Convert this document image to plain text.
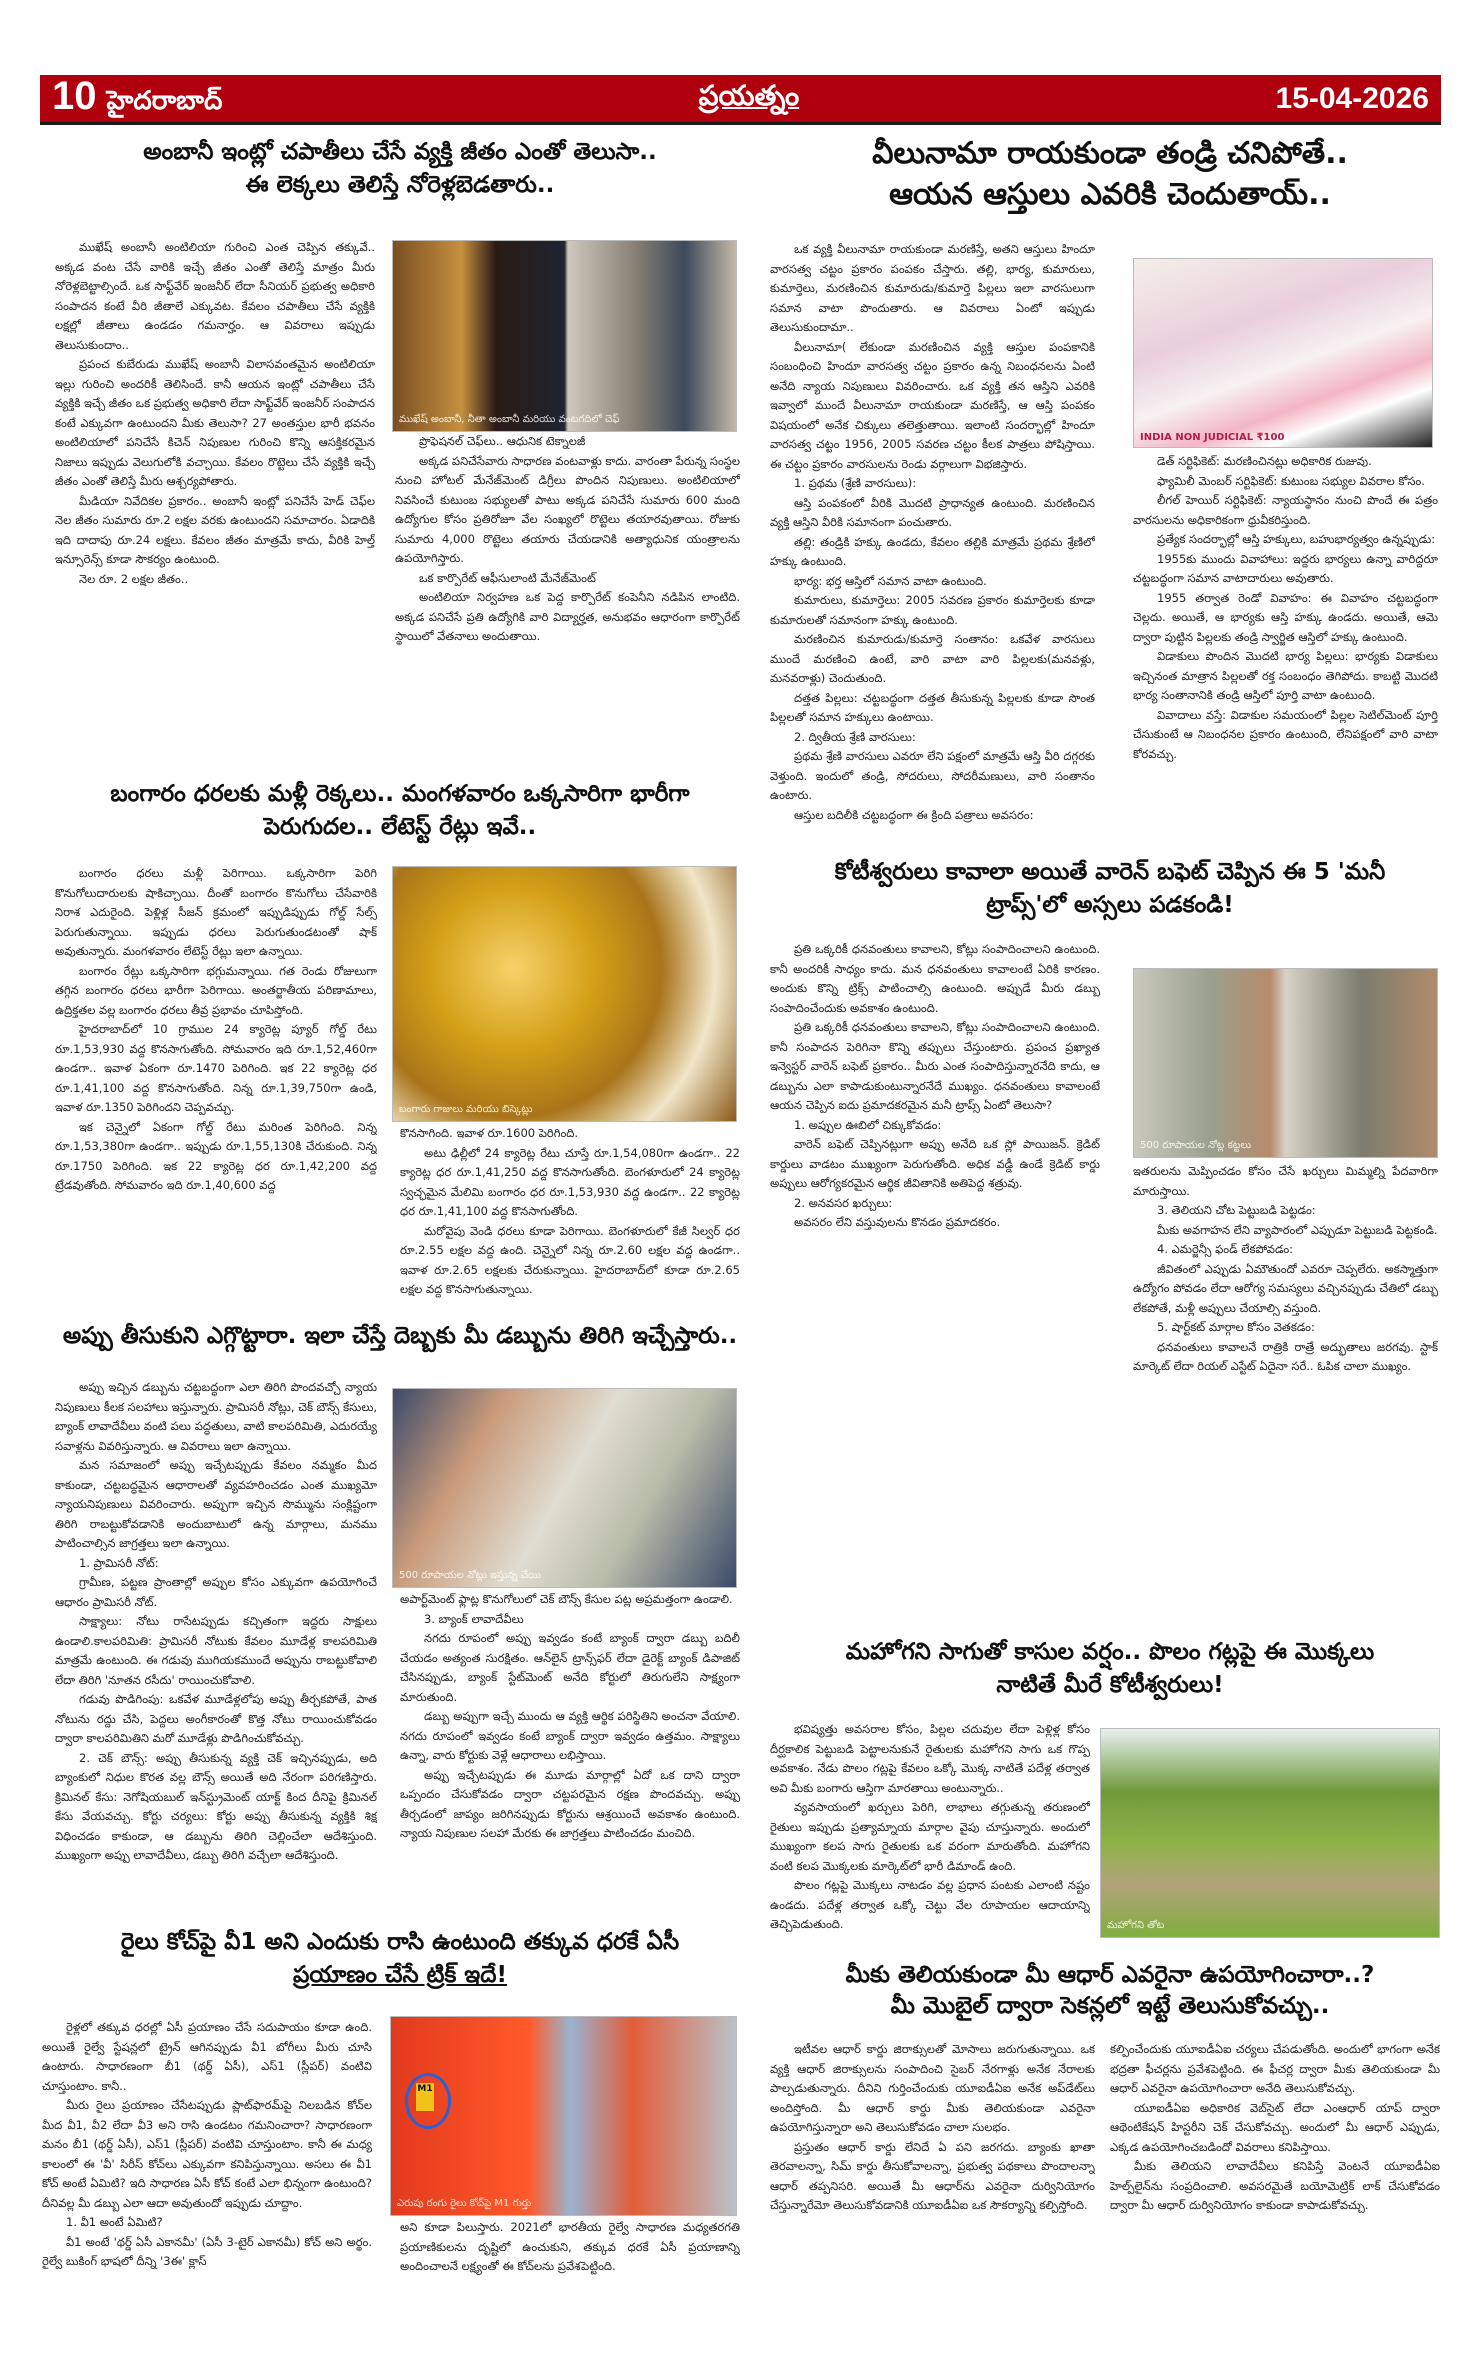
10 హైదరాబాద్	ప్రయత్నం	15-04-2026
అంబానీ ఇంట్లో చపాతీలు చేసే వ్యక్తి జీతం ఎంతో తెలుసా..
ఈ లెక్కలు తెలిస్తే నోరెళ్లబెడతారు..

ముఖేష్ అంబానీ అంటిలియా గురించి ఎంత చెప్పిన తక్కువే.. అక్కడ వంట చేసే వారికి ఇచ్చే జీతం ఎంతో తెలిస్తే మాత్రం మీరు నోరెళ్లబెట్టాల్సిందే. ఒక సాఫ్ట్‌వేర్ ఇంజనీర్ లేదా సీనియర్ ప్రభుత్వ అధికారి సంపాదన కంటే వీరి జీతాలే ఎక్కువట. కేవలం చపాతీలు చేసే వ్యక్తికి లక్షల్లో జీతాలు ఉండడం గమనార్హం. ఆ వివరాలు ఇప్పుడు తెలుసుకుందాం..

ప్రపంచ కుబేరుడు ముఖేష్ అంబానీ విలాసవంతమైన అంటిలియా ఇల్లు గురించి అందరికీ తెలిసిందే. కానీ ఆయన ఇంట్లో చపాతీలు చేసే వ్యక్తికి ఇచ్చే జీతం ఒక ప్రభుత్వ అధికారి లేదా సాఫ్ట్‌వేర్ ఇంజనీర్ సంపాదన కంటే ఎక్కువగా ఉంటుందని మీకు తెలుసా? 27 అంతస్తుల భారీ భవనం అంటిలియాలో పనిచేసే కిచెన్ నిపుణుల గురించి కొన్ని ఆసక్తికరమైన నిజాలు ఇప్పుడు వెలుగులోకి వచ్చాయి. కేవలం రొట్టెలు చేసే వ్యక్తికి ఇచ్చే జీతం ఎంతో తెలిస్తే మీరు ఆశ్చర్యపోతారు.

మీడియా నివేదికల ప్రకారం.. అంబానీ ఇంట్లో పనిచేసే హెడ్ చెఫ్‌ల నెల జీతం సుమారు రూ.2 లక్షల వరకు ఉంటుందని సమాచారం. ఏడాదికి ఇది దాదాపు రూ.24 లక్షలు. కేవలం జీతం మాత్రమే కాదు, వీరికి హెల్త్ ఇన్సూరెన్స్ కూడా సౌకర్యం ఉంటుంది.

నెల రూ. 2 లక్షల జీతం..

ముఖేష్ అంబానీ, నీతా అంబానీ మరియు వంటగదిలో చెఫ్

ప్రొఫెషనల్ చెఫ్‌లు.. ఆధునిక టెక్నాలజీ

అక్కడ పనిచేసేవారు సాధారణ వంటవాళ్లు కాదు. వారంతా పేరున్న సంస్థల నుంచి హోటల్ మేనేజ్‌మెంట్ డిగ్రీలు పొందిన నిపుణులు. అంటిలియాలో నివసించే కుటుంబ సభ్యులతో పాటు అక్కడ పనిచేసే సుమారు 600 మంది ఉద్యోగుల కోసం ప్రతిరోజూ వేల సంఖ్యలో రొట్టెలు తయారవుతాయి. రోజుకు సుమారు 4,000 రొట్టెలు తయారు చేయడానికి అత్యాధునిక యంత్రాలను ఉపయోగిస్తారు.

ఒక కార్పొరేట్ ఆఫీసులాంటి మేనేజ్‌మెంట్

అంటిలియా నిర్వహణ ఒక పెద్ద కార్పొరేట్ కంపెనీని నడిపిన లాంటిది. అక్కడ పనిచేసే ప్రతి ఉద్యోగికి వారి విద్యార్హత, అనుభవం ఆధారంగా కార్పొరేట్ స్థాయిలో వేతనాలు అందుతాయి.

బంగారం ధరలకు మళ్లీ రెక్కలు.. మంగళవారం ఒక్కసారిగా భారీగా
పెరుగుదల.. లేటెస్ట్ రేట్లు ఇవే..

బంగారం ధరలు మళ్లీ పెరిగాయి. ఒక్కసారిగా పెరిగి కొనుగోలుదారులకు షాకిచ్చాయి. దీంతో బంగారం కొనుగోలు చేసేవారికి నిరాశ ఎదురైంది. పెళ్లిళ్ల సీజన్ క్రమంలో ఇప్పుడిప్పుడు గోల్డ్ సేల్స్ పెరుగుతున్నాయి. ఇప్పుడు ధరలు పెరుగుతుండటంతో షాక్ అవుతున్నారు. మంగళవారం లేటెస్ట్ రేట్లు ఇలా ఉన్నాయి.

బంగారం రేట్లు ఒక్కసారిగా భగ్గుమన్నాయి. గత రెండు రోజులుగా తగ్గిన బంగారం ధరలు భారీగా పెరిగాయి. అంతర్జాతీయ పరిణామాలు, ఉద్రిక్తతల వల్ల బంగారం ధరలు తీవ్ర ప్రభావం చూపిస్తోంది.

హైదరాబాద్‌లో 10 గ్రాముల 24 క్యారెట్ల ప్యూర్ గోల్డ్ రేటు రూ.1,53,930 వద్ద కొనసాగుతోంది. సోమవారం ఇది రూ.1,52,460గా ఉండగా.. ఇవాళ ఏకంగా రూ.1470 పెరిగింది. ఇక 22 క్యారెట్ల ధర రూ.1,41,100 వద్ద కొనసాగుతోంది. నిన్న రూ.1,39,750గా ఉండి, ఇవాళ రూ.1350 పెరిగిందని చెప్పవచ్చు.

ఇక చెన్నైలో ఏకంగా గోల్డ్ రేటు మరింత పెరిగింది. నిన్న రూ.1,53,380గా ఉండగా.. ఇప్పుడు రూ.1,55,130కి చేరుకుంది. నిన్న రూ.1750 పెరిగింది. ఇక 22 క్యారెట్ల ధర రూ.1,42,200 వద్ద ట్రేడవుతోంది. సోమవారం ఇది రూ.1,40,600 వద్ద

బంగారు గాజులు మరియు బిస్కెట్లు

కొనసాగింది. ఇవాళ రూ.1600 పెరిగింది.

అటు ఢిల్లీలో 24 క్యారెట్ల రేటు చూస్తే రూ.1,54,080గా ఉండగా.. 22 క్యారెట్ల ధర రూ.1,41,250 వద్ద కొనసాగుతోంది. బెంగళూరులో 24 క్యారెట్ల స్వచ్ఛమైన మేలిమి బంగారం ధర రూ.1,53,930 వద్ద ఉండగా.. 22 క్యారెట్ల ధర రూ.1,41,100 వద్ద కొనసాగుతోంది.

మరోవైపు వెండి ధరలు కూడా పెరిగాయి. బెంగళూరులో కేజీ సిల్వర్ ధర రూ.2.55 లక్షల వద్ద ఉంది. చెన్నైలో నిన్న రూ.2.60 లక్షల వద్ద ఉండగా.. ఇవాళ రూ.2.65 లక్షలకు చేరుకున్నాయి. హైదరాబాద్‌లో కూడా రూ.2.65 లక్షల వద్ద కొనసాగుతున్నాయి.

అప్పు తీసుకుని ఎగ్గొట్టారా. ఇలా చేస్తే దెబ్బకు మీ డబ్బును తిరిగి ఇచ్చేస్తారు..

అప్పు ఇచ్చిన డబ్బును చట్టబద్ధంగా ఎలా తిరిగి పొందవచ్చో న్యాయ నిపుణులు కీలక సలహాలు ఇస్తున్నారు. ప్రామిసరీ నోట్లు, చెక్ బౌన్స్ కేసులు, బ్యాంక్ లావాదేవీలు వంటి పలు పద్ధతులు, వాటి కాలపరిమితి, ఎదురయ్యే సవాళ్లను వివరిస్తున్నారు. ఆ వివరాలు ఇలా ఉన్నాయి.

మన సమాజంలో అప్పు ఇచ్చేటప్పుడు కేవలం నమ్మకం మీద కాకుండా, చట్టబద్ధమైన ఆధారాలతో వ్యవహరించడం ఎంత ముఖ్యమో న్యాయనిపుణులు వివరించారు. అప్పుగా ఇచ్చిన సొమ్మును సంక్లిష్టంగా తిరిగి రాబట్టుకోవడానికి అందుబాటులో ఉన్న మార్గాలు, మనము పాటించాల్సిన జాగ్రత్తలు ఇలా ఉన్నాయి.

1. ప్రామిసరీ నోట్:

గ్రామీణ, పట్టణ ప్రాంతాల్లో అప్పుల కోసం ఎక్కువగా ఉపయోగించే ఆధారం ప్రామిసరీ నోట్.

సాక్ష్యాలు: నోటు రాసేటప్పుడు కచ్చితంగా ఇద్దరు సాక్షులు ఉండాలి.కాలపరిమితి: ప్రామిసరీ నోటుకు కేవలం మూడేళ్ల కాలపరిమితి మాత్రమే ఉంటుంది. ఈ గడువు ముగియకముందే అప్పును రాబట్టుకోవాలి లేదా తిరిగి 'నూతన రసీదు' రాయించుకోవాలి.

గడువు పొడిగింపు: ఒకవేళ మూడేళ్లలోపు అప్పు తీర్చకపోతే, పాత నోటును రద్దు చేసి, పెద్దలు అంగీకారంతో కొత్త నోటు రాయించుకోవడం ద్వారా కాలపరిమితిని మరో మూడేళ్లు పొడిగించుకోవచ్చు.

2. చెక్ బౌన్స్: అప్పు తీసుకున్న వ్యక్తి చెక్ ఇచ్చినప్పుడు, అది బ్యాంకులో నిధుల కొరత వల్ల బౌన్స్ అయితే అది నేరంగా పరిగణిస్తారు. క్రిమినల్ కేసు: నెగోషియబుల్ ఇన్‌స్ట్రుమెంట్ యాక్ట్ కింద దీనిపై క్రిమినల్ కేసు వేయవచ్చు. కోర్టు చర్యలు: కోర్టు అప్పు తీసుకున్న వ్యక్తికి శిక్ష విధించడం కాకుండా, ఆ డబ్బును తిరిగి చెల్లించేలా ఆదేశిస్తుంది. ముఖ్యంగా అప్పు లావాదేవీలు, డబ్బు తిరిగి వచ్చేలా ఆదేశిస్తుంది.

500 రూపాయల నోట్లు ఇస్తున్న చేయి

అపార్ట్‌మెంట్ ఫ్లాట్ల కొనుగోలులో చెక్ బౌన్స్ కేసుల పట్ల అప్రమత్తంగా ఉండాలి.

3. బ్యాంక్ లావాదేవీలు

నగదు రూపంలో అప్పు ఇవ్వడం కంటే బ్యాంక్ ద్వారా డబ్బు బదిలీ చేయడం అత్యంత సురక్షితం. ఆన్‌లైన్ ట్రాన్స్‌ఫర్ లేదా డైరెక్ట్ బ్యాంక్ డిపాజిట్ చేసినప్పుడు, బ్యాంక్ స్టేట్‌మెంట్ అనేది కోర్టులో తిరుగులేని సాక్ష్యంగా మారుతుంది.

డబ్బు అప్పుగా ఇచ్చే ముందు ఆ వ్యక్తి ఆర్థిక పరిస్థితిని అంచనా వేయాలి. నగదు రూపంలో ఇవ్వడం కంటే బ్యాంక్ ద్వారా ఇవ్వడం ఉత్తమం. సాక్ష్యాలు ఉన్నా, వారు కోర్టుకు వెళ్లే ఆధారాలు లభిస్తాయి.

అప్పు ఇచ్చేటప్పుడు ఈ మూడు మార్గాల్లో ఏదో ఒక దాని ద్వారా ఒప్పందం చేసుకోవడం ద్వారా చట్టపరమైన రక్షణ పొందవచ్చు. అప్పు తీర్చడంలో జాప్యం జరిగినప్పుడు కోర్టును ఆశ్రయించే అవకాశం ఉంటుంది. న్యాయ నిపుణుల సలహా మేరకు ఈ జాగ్రత్తలు పాటించడం మంచిది.

రైలు కోచ్‌పై వీ1 అని ఎందుకు రాసి ఉంటుంది తక్కువ ధరకే ఏసీ
ప్రయాణం చేసే ట్రిక్ ఇదే!

రైళ్లలో తక్కువ ధరల్లో ఏసీ ప్రయాణం చేసే సదుపాయం కూడా ఉంది. అయితే రైల్వే స్టేషన్లలో ట్రైన్ ఆగినప్పుడు వీ1 బోగీలు మీరు చూసి ఉంటారు. సాధారణంగా బీ1 (థర్డ్ ఏసీ), ఎస్1 (స్లీపర్) వంటివి చూస్తుంటాం. కానీ..

మీరు రైలు ప్రయాణం చేసేటప్పుడు ప్లాట్‌ఫారమ్‌పై నిలబడిన కోచ్‌ల మీద వీ1, వీ2 లేదా వీ3 అని రాసి ఉండటం గమనించారా? సాధారణంగా మనం బీ1 (థర్డ్ ఏసీ), ఎస్1 (స్లీపర్) వంటివి చూస్తుంటాం. కానీ ఈ మధ్య కాలంలో ఈ 'వీ' సిరీస్ కోచ్‌లు ఎక్కువగా కనిపిస్తున్నాయి. అసలు ఈ వీ1 కోచ్ అంటే ఏమిటి? ఇది సాధారణ ఏసీ కోచ్ కంటే ఎలా భిన్నంగా ఉంటుంది? దీనివల్ల మీ డబ్బు ఎలా ఆదా అవుతుందో ఇప్పుడు చూద్దాం.

1. వీ1 అంటే ఏమిటి?

వీ1 అంటే 'థర్డ్ ఏసీ ఎకానమీ' (ఏసీ 3-టైర్ ఎకానమీ) కోచ్ అని అర్థం. రైల్వే బుకింగ్ భాషలో దీన్ని '3ఈ' క్లాస్

M1
ఎరుపు రంగు రైలు కోచ్‌పై M1 గుర్తు

అని కూడా పిలుస్తారు. 2021లో భారతీయ రైల్వే సాధారణ మధ్యతరగతి ప్రయాణికులను దృష్టిలో ఉంచుకుని, తక్కువ ధరకే ఏసీ ప్రయాణాన్ని అందించాలనే లక్ష్యంతో ఈ కోచ్‌లను ప్రవేశపెట్టింది.

వీలునామా రాయకుండా తండ్రి చనిపోతే..
ఆయన ఆస్తులు ఎవరికి చెందుతాయ్..

ఒక వ్యక్తి వీలునామా రాయకుండా మరణిస్తే, అతని ఆస్తులు హిందూ వారసత్వ చట్టం ప్రకారం పంపకం చేస్తారు. తల్లి, భార్య, కుమారులు, కుమార్తెలు, మరణించిన కుమారుడు/కుమార్తె పిల్లలు ఇలా వారసులుగా సమాన వాటా పొందుతారు. ఆ వివరాలు ఏంటో ఇప్పుడు తెలుసుకుందామా..

వీలునామా( లేకుండా మరణించిన వ్యక్తి ఆస్తుల పంపకానికి సంబంధించి హిందూ వారసత్వ చట్టం ప్రకారం ఉన్న నిబంధనలను ఏంటి అనేది న్యాయ నిపుణులు వివరించారు. ఒక వ్యక్తి తన ఆస్తిని ఎవరికి ఇవ్వాలో ముందే వీలునామా రాయకుండా మరణిస్తే, ఆ ఆస్తి పంపకం విషయంలో అనేక చిక్కులు తలెత్తుతాయి. ఇలాంటి సందర్భాల్లో హిందూ వారసత్వ చట్టం 1956, 2005 సవరణ చట్టం కీలక పాత్రలు పోషిస్తాయి. ఈ చట్టం ప్రకారం వారసులను రెండు వర్గాలుగా విభజిస్తారు.

1. ప్రథమ (శ్రేణి వారసులు):

ఆస్తి పంపకంలో వీరికి మొదటి ప్రాధాన్యత ఉంటుంది. మరణించిన వ్యక్తి ఆస్తిని వీరికి సమానంగా పంచుతారు.

తల్లి: తండ్రికి హక్కు ఉండదు, కేవలం తల్లికి మాత్రమే ప్రథమ శ్రేణిలో హక్కు ఉంటుంది.

భార్య: భర్త ఆస్తిలో సమాన వాటా ఉంటుంది.

కుమారులు, కుమార్తెలు: 2005 సవరణ ప్రకారం కుమార్తెలకు కూడా కుమారులతో సమానంగా హక్కు ఉంటుంది.

మరణించిన కుమారుడు/కుమార్తె సంతానం: ఒకవేళ వారసులు ముందే మరణించి ఉంటే, వారి వాటా వారి పిల్లలకు(మనవళ్లు, మనవరాళ్లు) చెందుతుంది.

దత్తత పిల్లలు: చట్టబద్ధంగా దత్తత తీసుకున్న పిల్లలకు కూడా సొంత పిల్లలతో సమాన హక్కులు ఉంటాయి.

2. ద్వితీయ శ్రేణి వారసులు:

ప్రథమ శ్రేణి వారసులు ఎవరూ లేని పక్షంలో మాత్రమే ఆస్తి వీరి దగ్గరకు వెళ్తుంది. ఇందులో తండ్రి, సోదరులు, సోదరీమణులు, వారి సంతానం ఉంటారు.

ఆస్తుల బదిలీకి చట్టబద్ధంగా ఈ క్రింది పత్రాలు అవసరం:

INDIA NON JUDICIAL ₹100

డెత్ సర్టిఫికెట్: మరణించినట్లు అధికారిక రుజువు.

ఫ్యామిలీ మెంబర్ సర్టిఫికెట్: కుటుంబ సభ్యుల వివరాల కోసం.

లీగల్ హెయిర్ సర్టిఫికెట్: న్యాయస్థానం నుంచి పొందే ఈ పత్రం వారసులను అధికారికంగా ధ్రువీకరిస్తుంది.

ప్రత్యేక సందర్భాల్లో ఆస్తి హక్కులు, బహుభార్యత్వం ఉన్నప్పుడు:

1955కు ముందు వివాహాలు: ఇద్దరు భార్యలు ఉన్నా వారిద్దరూ చట్టబద్ధంగా సమాన వాటాదారులు అవుతారు.

1955 తర్వాత రెండో వివాహం: ఈ వివాహం చట్టబద్ధంగా చెల్లదు. అయితే, ఆ భార్యకు ఆస్తి హక్కు ఉండదు. అయితే, ఆమె ద్వారా పుట్టిన పిల్లలకు తండ్రి స్వార్జిత ఆస్తిలో హక్కు ఉంటుంది.

విడాకులు పొందిన మొదటి భార్య పిల్లలు: భార్యకు విడాకులు ఇచ్చినంత మాత్రాన పిల్లలతో రక్త సంబంధం తెగిపోదు. కాబట్టి మొదటి భార్య సంతానానికి తండ్రి ఆస్తిలో పూర్తి వాటా ఉంటుంది.

వివాదాలు వస్తే: విడాకుల సమయంలో పిల్లల సెటిల్‌మెంట్ పూర్తి చేసుకుంటే ఆ నిబంధనల ప్రకారం ఉంటుంది, లేనిపక్షంలో వారి వాటా కోరవచ్చు.

కోటీశ్వరులు కావాలా అయితే వారెన్ బఫెట్ చెప్పిన ఈ 5 'మనీ
ట్రాప్స్'లో అస్సలు పడకండి!

ప్రతి ఒక్కరికీ ధనవంతులు కావాలని, కోట్లు సంపాదించాలని ఉంటుంది. కానీ అందరికీ సాధ్యం కాదు. మన ధనవంతులు కావాలంటే ఏరికి కారణం. అందుకు కొన్ని ట్రిక్స్ పాటించాల్సి ఉంటుంది. అప్పుడే మీరు డబ్బు సంపాదించేందుకు అవకాశం ఉంటుంది.

ప్రతి ఒక్కరికీ ధనవంతులు కావాలని, కోట్లు సంపాదించాలని ఉంటుంది. కానీ సంపాదన పెరిగినా కొన్ని తప్పులు చేస్తుంటారు. ప్రపంచ ప్రఖ్యాత ఇన్వెస్టర్ వారెన్ బఫెట్ ప్రకారం.. మీరు ఎంత సంపాదిస్తున్నారనేది కాదు, ఆ డబ్బును ఎలా కాపాడుకుంటున్నారనేదే ముఖ్యం. ధనవంతులు కావాలంటే ఆయన చెప్పిన ఐదు ప్రమాదకరమైన మనీ ట్రాప్స్ ఏంటో తెలుసా?

1. అప్పుల ఊబిలో చిక్కుకోవడం:

వారెన్ బఫెట్ చెప్పినట్లుగా అప్పు అనేది ఒక స్లో పాయిజన్. క్రెడిట్ కార్డులు వాడటం ముఖ్యంగా పెరుగుతోంది. అధిక వడ్డీ ఉండే క్రెడిట్ కార్డు అప్పులు ఆరోగ్యకరమైన ఆర్థిక జీవితానికి అతిపెద్ద శత్రువు.

2. అనవసర ఖర్చులు:

అవసరం లేని వస్తువులను కొనడం ప్రమాదకరం.

500 రూపాయల నోట్ల కట్టలు

ఇతరులను మెప్పించడం కోసం చేసే ఖర్చులు మిమ్మల్ని పేదవారిగా మారుస్తాయి.

3. తెలియని చోట పెట్టుబడి పెట్టడం:

మీకు అవగాహన లేని వ్యాపారంలో ఎప్పుడూ పెట్టుబడి పెట్టకండి.

4. ఎమర్జెన్సీ ఫండ్ లేకపోవడం:

జీవితంలో ఎప్పుడు ఏమౌతుందో ఎవరూ చెప్పలేరు. అకస్మాత్తుగా ఉద్యోగం పోవడం లేదా ఆరోగ్య సమస్యలు వచ్చినప్పుడు చేతిలో డబ్బు లేకపోతే, మళ్లీ అప్పులు చేయాల్సి వస్తుంది.

5. షార్ట్‌కట్ మార్గాల కోసం వెతకడం:

ధనవంతులు కావాలనే రాత్రికి రాత్రే అద్భుతాలు జరగవు. స్టాక్ మార్కెట్ లేదా రియల్ ఎస్టేట్ ఏదైనా సరే.. ఓపిక చాలా ముఖ్యం.

మహోగని సాగుతో కాసుల వర్షం.. పొలం గట్లపై ఈ మొక్కలు
నాటితే మీరే కోటీశ్వరులు!

భవిష్యత్తు అవసరాల కోసం, పిల్లల చదువుల లేదా పెళ్లిళ్ల కోసం దీర్ఘకాలిక పెట్టుబడి పెట్టాలనుకునే రైతులకు మహోగని సాగు ఒక గొప్ప అవకాశం. నేడు పొలం గట్లపై కేవలం ఒక్కో మొక్క నాటితే పదేళ్ల తర్వాత అవి మీకు బంగారు ఆస్తిగా మారతాయి అంటున్నారు..

వ్యవసాయంలో ఖర్చులు పెరిగి, లాభాలు తగ్గుతున్న తరుణంలో రైతులు ఇప్పుడు ప్రత్యామ్నాయ మార్గాల వైపు చూస్తున్నారు. అందులో ముఖ్యంగా కలప సాగు రైతులకు ఒక వరంగా మారుతోంది. మహోగని వంటి కలప మొక్కలకు మార్కెట్‌లో భారీ డిమాండ్ ఉంది.

పొలం గట్లపై మొక్కలు నాటడం వల్ల ప్రధాన పంటకు ఎలాంటి నష్టం ఉండదు. పదేళ్ల తర్వాత ఒక్కో చెట్టు వేల రూపాయల ఆదాయాన్ని తెచ్చిపెడుతుంది.	మహోగని తోట
మీకు తెలియకుండా మీ ఆధార్ ఎవరైనా ఉపయోగించారా..?
మీ మొబైల్ ద్వారా సెకన్లలో ఇట్టే తెలుసుకోవచ్చు..

ఇటీవల ఆధార్ కార్డు జిరాక్సులతో మోసాలు జరుగుతున్నాయి. ఒక వ్యక్తి ఆధార్ జిరాక్సులను సంపాదించి సైబర్ నేరగాళ్లు అనేక నేరాలకు పాల్పడుతున్నారు. దీనిని గుర్తించేందుకు యూఐడీఏఐ అనేక అప్‌డేట్‌లు అందిస్తోంది. మీ ఆధార్ కార్డు మీకు తెలియకుండా ఎవరైనా ఉపయోగిస్తున్నారా అని తెలుసుకోవడం చాలా సులభం.

ప్రస్తుతం ఆధార్ కార్డు లేనిదే ఏ పని జరగదు. బ్యాంకు ఖాతా తెరవాలన్నా, సిమ్ కార్డు తీసుకోవాలన్నా, ప్రభుత్వ పథకాలు పొందాలన్నా ఆధార్ తప్పనిసరి. అయితే మీ ఆధార్‌ను ఎవరైనా దుర్వినియోగం చేస్తున్నారేమో తెలుసుకోవడానికి యూఐడీఏఐ ఒక సౌకర్యాన్ని కల్పిస్తోంది.

కల్పించేందుకు యూఐడీఏఐ చర్యలు చేపడుతోంది. అందులో భాగంగా అనేక భద్రతా ఫీచర్లను ప్రవేశపెట్టింది. ఈ ఫీచర్ల ద్వారా మీకు తెలియకుండా మీ ఆధార్ ఎవరైనా ఉపయోగించారా అనేది తెలుసుకోవచ్చు.

యూఐడీఏఐ అధికారిక వెబ్‌సైట్ లేదా ఎంఆధార్ యాప్ ద్వారా ఆథెంటికేషన్ హిస్టరీని చెక్ చేసుకోవచ్చు. అందులో మీ ఆధార్ ఎప్పుడు, ఎక్కడ ఉపయోగించబడిందో వివరాలు కనిపిస్తాయి.

మీకు తెలియని లావాదేవీలు కనిపిస్తే వెంటనే యూఐడీఏఐ హెల్ప్‌లైన్‌ను సంప్రదించాలి. అవసరమైతే బయోమెట్రిక్ లాక్ చేసుకోవడం ద్వారా మీ ఆధార్ దుర్వినియోగం కాకుండా కాపాడుకోవచ్చు.
